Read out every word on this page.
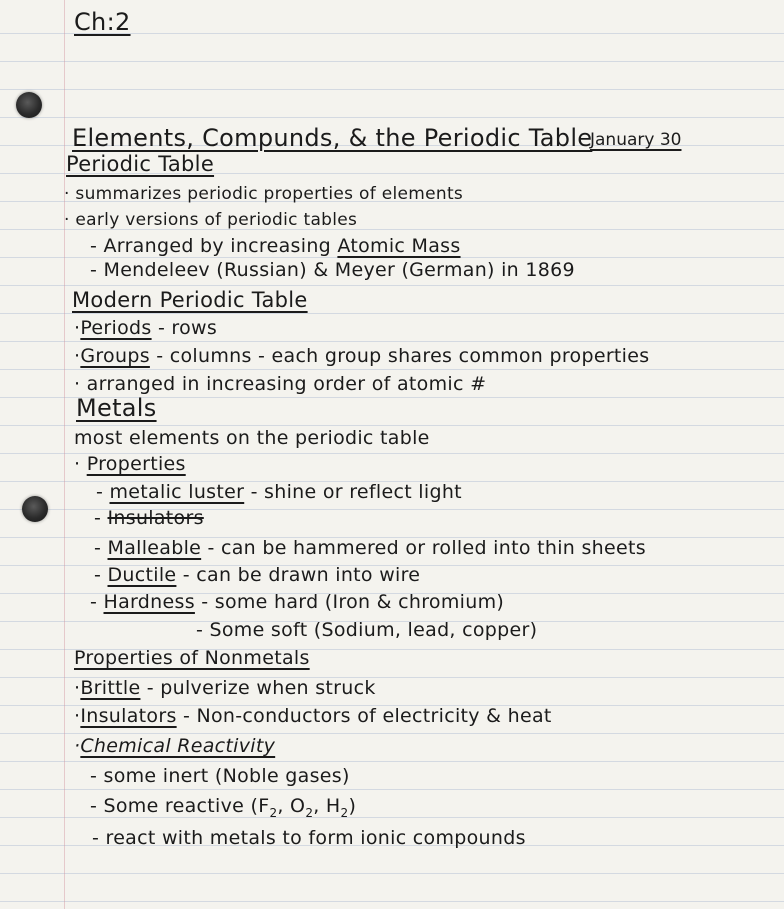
Ch:2
Elements, Compunds, & the Periodic Table
January 30
Periodic Table
· summarizes periodic properties of elements
· early versions of periodic tables
- Arranged by increasing Atomic Mass
- Mendeleev (Russian) & Meyer (German) in 1869
Modern Periodic Table
·Periods - rows
·Groups - columns - each group shares common properties
· arranged in increasing order of atomic #
Metals
most elements on the periodic table
· Properties
- metalic luster - shine or reflect light
- Insulators
- Malleable - can be hammered or rolled into thin sheets
- Ductile - can be drawn into wire
- Hardness - some hard (Iron & chromium)
- Some soft (Sodium, lead, copper)
Properties of Nonmetals
·Brittle - pulverize when struck
·Insulators - Non-conductors of electricity & heat
·Chemical Reactivity
- some inert (Noble gases)
- Some reactive ($F_2$, $O_2$, $H_2$)
- react with metals to form ionic compounds
